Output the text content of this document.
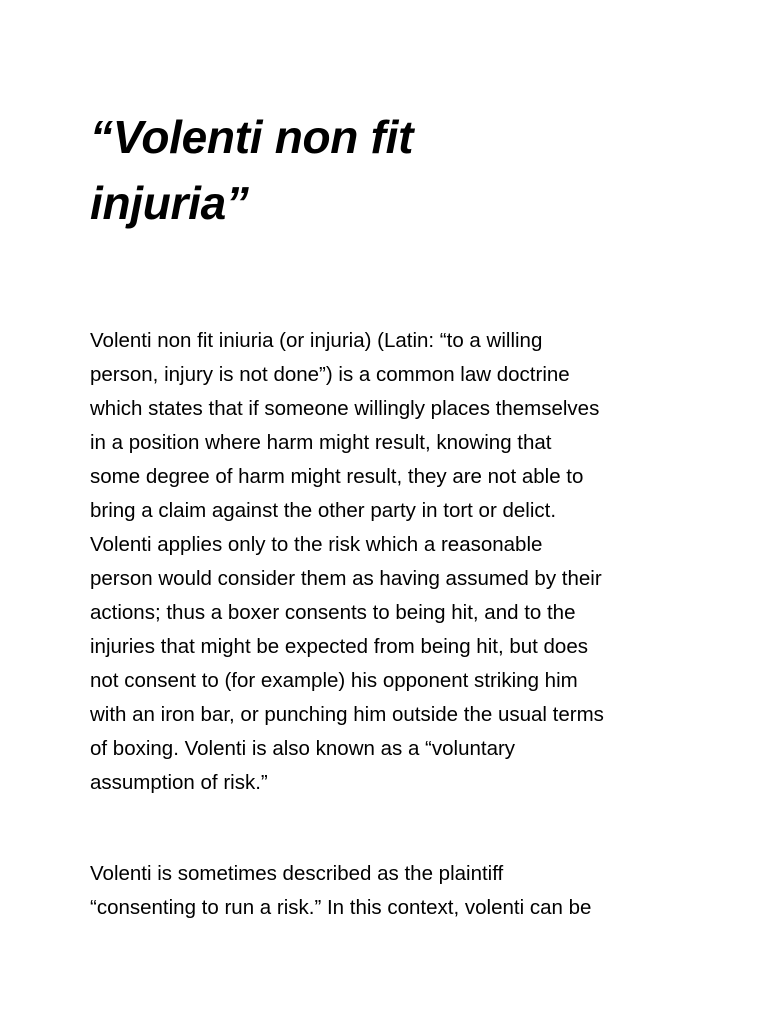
“Volenti non fit
injuria”

Volenti non fit iniuria (or injuria) (Latin: “to a willing
person, injury is not done”) is a common law doctrine
which states that if someone willingly places themselves
in a position where harm might result, knowing that
some degree of harm might result, they are not able to
bring a claim against the other party in tort or delict.
Volenti applies only to the risk which a reasonable
person would consider them as having assumed by their
actions; thus a boxer consents to being hit, and to the
injuries that might be expected from being hit, but does
not consent to (for example) his opponent striking him
with an iron bar, or punching him outside the usual terms
of boxing. Volenti is also known as a “voluntary
assumption of risk.”

Volenti is sometimes described as the plaintiff
“consenting to run a risk.” In this context, volenti can be
